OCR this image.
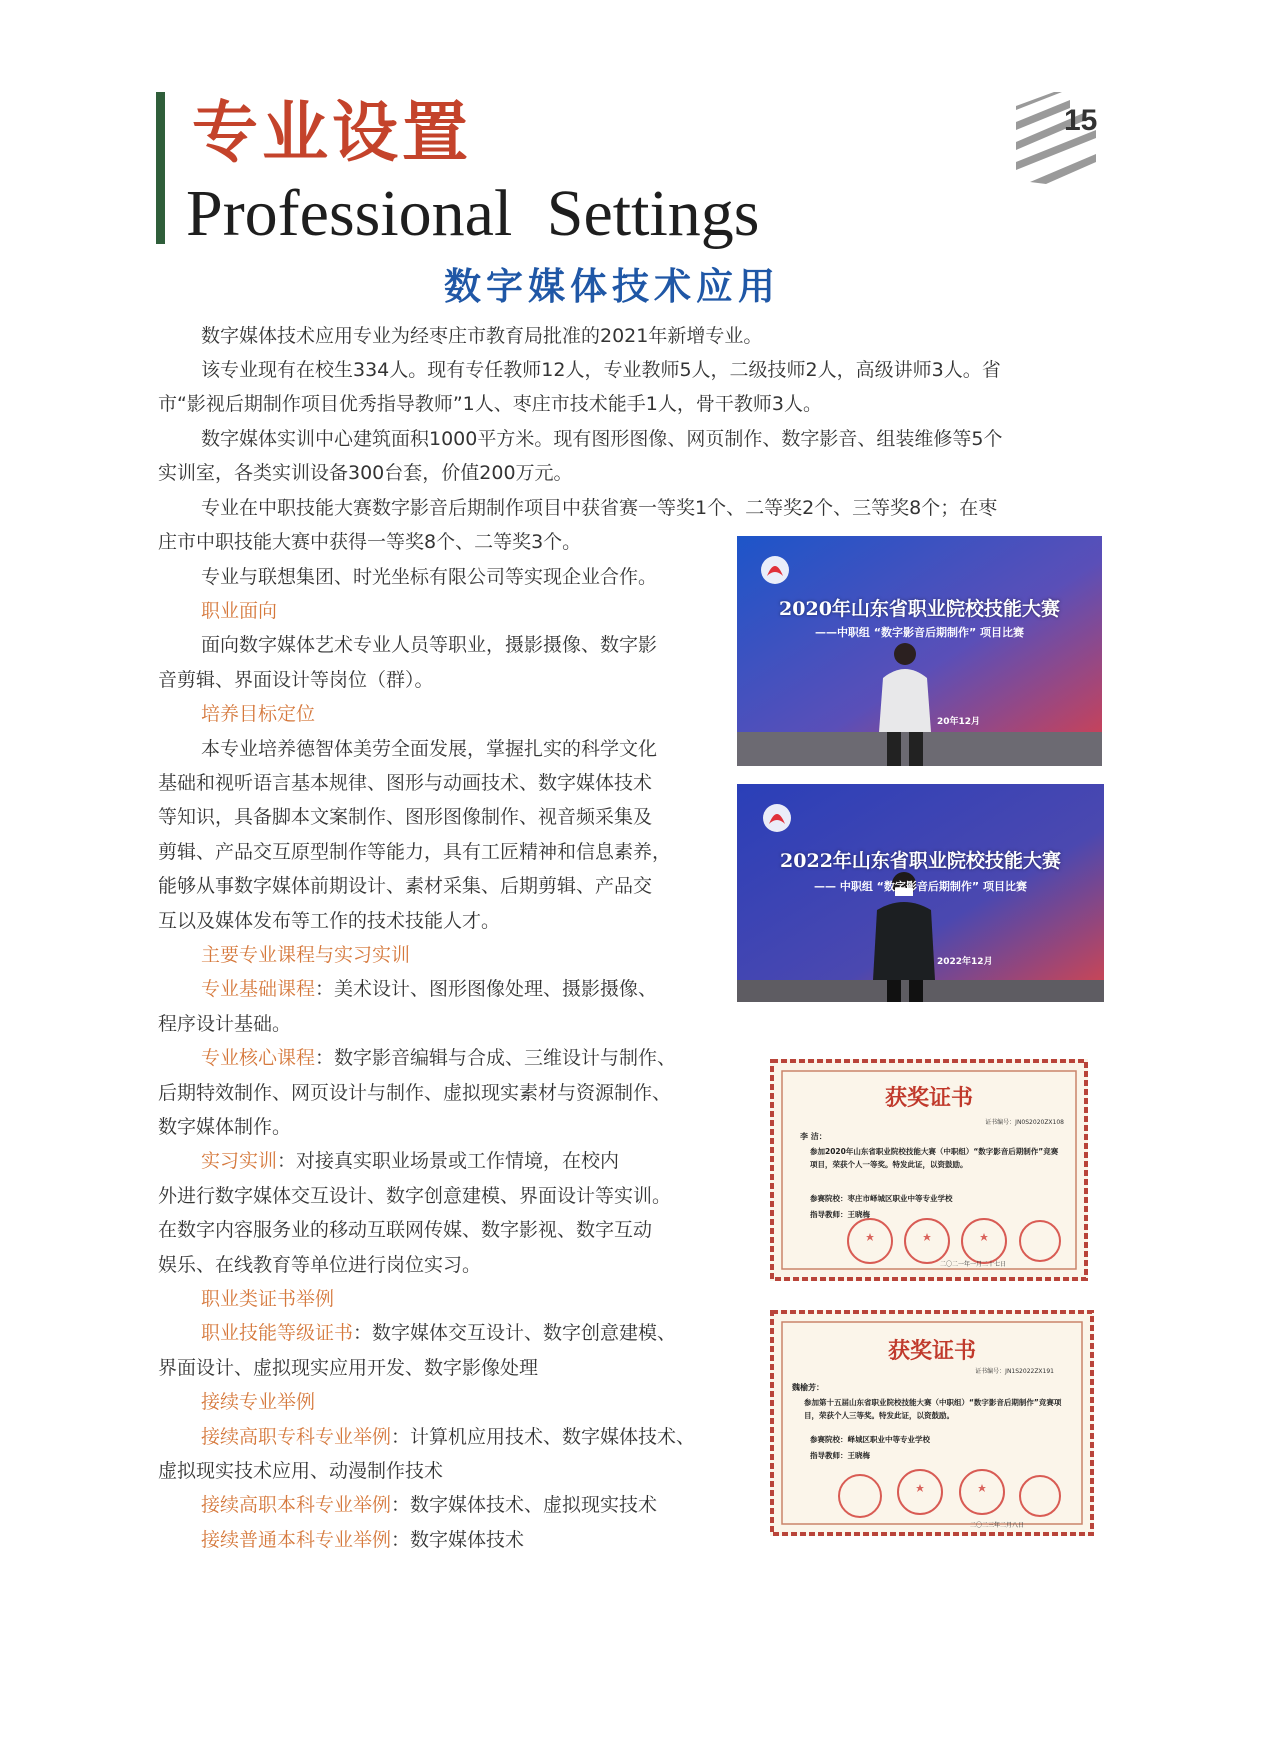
专业设置
Professional Settings
15
数字媒体技术应用
数字媒体技术应用专业为经枣庄市教育局批准的2021年新增专业。
该专业现有在校生334人。现有专任教师12人，专业教师5人，二级技师2人，高级讲师3人。省
市“影视后期制作项目优秀指导教师”1人、枣庄市技术能手1人，骨干教师3人。
数字媒体实训中心建筑面积1000平方米。现有图形图像、网页制作、数字影音、组装维修等5个
实训室，各类实训设备300台套，价值200万元。
专业在中职技能大赛数字影音后期制作项目中获省赛一等奖1个、二等奖2个、三等奖8个；在枣
庄市中职技能大赛中获得一等奖8个、二等奖3个。
专业与联想集团、时光坐标有限公司等实现企业合作。
职业面向
面向数字媒体艺术专业人员等职业，摄影摄像、数字影
音剪辑、界面设计等岗位（群）。
培养目标定位
本专业培养德智体美劳全面发展，掌握扎实的科学文化
基础和视听语言基本规律、图形与动画技术、数字媒体技术
等知识，具备脚本文案制作、图形图像制作、视音频采集及
剪辑、产品交互原型制作等能力，具有工匠精神和信息素养，
能够从事数字媒体前期设计、素材采集、后期剪辑、产品交
互以及媒体发布等工作的技术技能人才。
主要专业课程与实习实训
专业基础课程：美术设计、图形图像处理、摄影摄像、
程序设计基础。
专业核心课程：数字影音编辑与合成、三维设计与制作、
后期特效制作、网页设计与制作、虚拟现实素材与资源制作、
数字媒体制作。
实习实训：对接真实职业场景或工作情境，在校内
外进行数字媒体交互设计、数字创意建模、界面设计等实训。
在数字内容服务业的移动互联网传媒、数字影视、数字互动
娱乐、在线教育等单位进行岗位实习。
职业类证书举例
职业技能等级证书：数字媒体交互设计、数字创意建模、
界面设计、虚拟现实应用开发、数字影像处理
接续专业举例
接续高职专科专业举例：计算机应用技术、数字媒体技术、
虚拟现实技术应用、动漫制作技术
接续高职本科专业举例：数字媒体技术、虚拟现实技术
接续普通本科专业举例：数字媒体技术
2020年山东省职业院校技能大赛
——中职组 “数字影音后期制作” 项目比赛
20年12月
2022年山东省职业院校技能大赛
—— 中职组 “数字影音后期制作” 项目比赛
2022年12月
获奖证书
证书编号：JN0S2020ZX108
李 洁：
参加2020年山东省职业院校技能大赛（中职组）“数字影音后期制作”竞赛项目，荣获个人一等奖。特发此证，以资鼓励。
参赛院校：枣庄市峄城区职业中等专业学校
指导教师：王晓梅
二〇二一年一月二十七日
获奖证书
证书编号：JN1S2022ZX191
魏榆芳：
参加第十五届山东省职业院校技能大赛（中职组）“数字影音后期制作”竞赛项目，荣获个人三等奖。特发此证，以资鼓励。
参赛院校：峄城区职业中等专业学校
指导教师：王晓梅
二〇二三年二月八日
